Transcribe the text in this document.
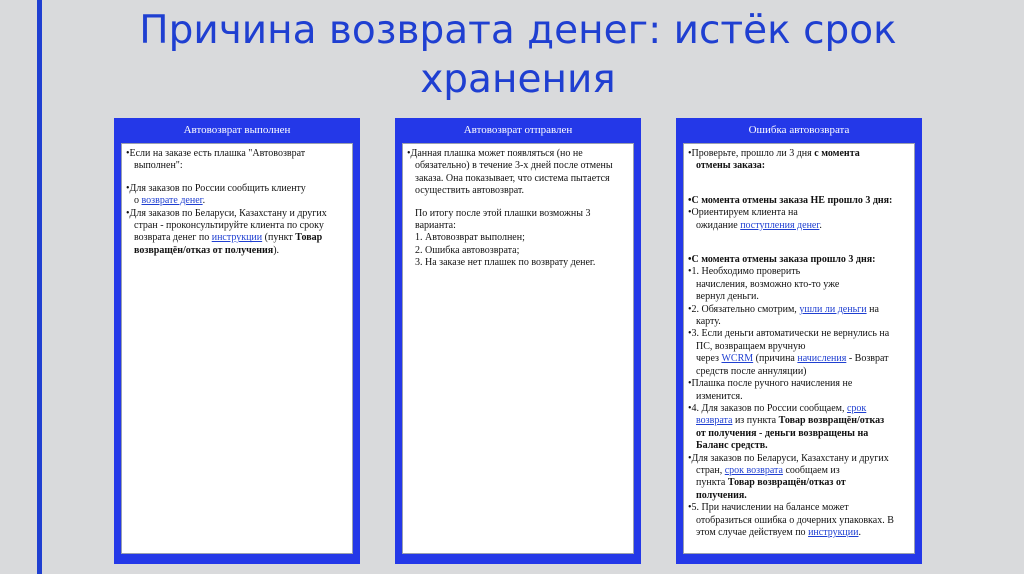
Причина возврата денег: истёк срок
хранения
Автовозврат выполнен

•Если на заказе есть плашка "Автовозврат

выполнен":

•Для заказов по России сообщить клиенту

о возврате денег.

•Для заказов по Беларуси, Казахстану и других

стран - проконсультируйте клиента по сроку

возврата денег по инструкции (пункт Товар

возвращён/отказ от получения).

Автовозврат отправлен

•Данная плашка может появляться (но не

обязательно) в течение 3-х дней после отмены

заказа. Она показывает, что система пытается

осуществить автовозврат.

По итогу после этой плашки возможны 3

варианта:

1. Автовозврат выполнен;

2. Ошибка автовозврата;

3. На заказе нет плашек по возврату денег.

Ошибка автовозврата

•Проверьте, прошло ли 3 дня с момента

отмены заказа:

•С момента отмены заказа НЕ прошло 3 дня:

•Ориентируем клиента на

ожидание поступления денег.

•С момента отмены заказа прошло 3 дня:

•1. Необходимо проверить

начисления, возможно кто-то уже

вернул деньги.

•2. Обязательно смотрим, ушли ли деньги на

карту.

•3. Если деньги автоматически не вернулись на

ПС, возвращаем вручную

через WCRM (причина начисления - Возврат

средств после аннуляции)

•Плашка после ручного начисления не

изменится.

•4. Для заказов по России сообщаем, срок

возврата из пункта Товар возвращён/отказ

от получения - деньги возвращены на

Баланс средств.

•Для заказов по Беларуси, Казахстану и других

стран, срок возврата сообщаем из

пункта Товар возвращён/отказ от

получения.

•5. При начислении на балансе может

отобразиться ошибка о дочерних упаковках. В

этом случае действуем по инструкции.
